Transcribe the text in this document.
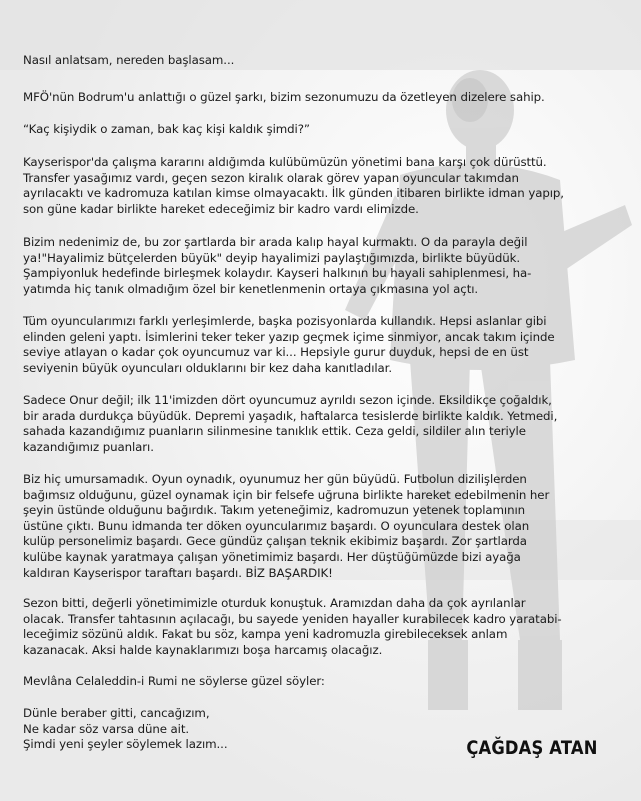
Nasıl anlatsam, nereden başlasam...

MFÖ'nün Bodrum'u anlattığı o güzel şarkı, bizim sezonumuzu da özetleyen dizelere sahip.

“Kaç kişiydik o zaman, bak kaç kişi kaldık şimdi?”

Kayserispor'da çalışma kararını aldığımda kulübümüzün yönetimi bana karşı çok dürüsttü.
Transfer yasağımız vardı, geçen sezon kiralık olarak görev yapan oyuncular takımdan
ayrılacaktı ve kadromuza katılan kimse olmayacaktı. İlk günden itibaren birlikte idman yapıp,
son güne kadar birlikte hareket edeceğimiz bir kadro vardı elimizde.

Bizim nedenimiz de, bu zor şartlarda bir arada kalıp hayal kurmaktı. O da parayla değil
ya!"Hayalimiz bütçelerden büyük" deyip hayalimizi paylaştığımızda, birlikte büyüdük.
Şampiyonluk hedefinde birleşmek kolaydır. Kayseri halkının bu hayali sahiplenmesi, ha-
yatımda hiç tanık olmadığım özel bir kenetlenmenin ortaya çıkmasına yol açtı.

Tüm oyuncularımızı farklı yerleşimlerde, başka pozisyonlarda kullandık. Hepsi aslanlar gibi
elinden geleni yaptı. İsimlerini teker teker yazıp geçmek içime sinmiyor, ancak takım içinde
seviye atlayan o kadar çok oyuncumuz var ki... Hepsiyle gurur duyduk, hepsi de en üst
seviyenin büyük oyuncuları olduklarını bir kez daha kanıtladılar.

Sadece Onur değil; ilk 11'imizden dört oyuncumuz ayrıldı sezon içinde. Eksildikçe çoğaldık,
bir arada durdukça büyüdük. Depremi yaşadık, haftalarca tesislerde birlikte kaldık. Yetmedi,
sahada kazandığımız puanların silinmesine tanıklık ettik. Ceza geldi, sildiler alın teriyle
kazandığımız puanları.

Biz hiç umursamadık. Oyun oynadık, oyunumuz her gün büyüdü. Futbolun dizilişlerden
bağımsız olduğunu, güzel oynamak için bir felsefe uğruna birlikte hareket edebilmenin her
şeyin üstünde olduğunu bağırdık. Takım yeteneğimiz, kadromuzun yetenek toplamının
üstüne çıktı. Bunu idmanda ter döken oyuncularımız başardı. O oyunculara destek olan
kulüp personelimiz başardı. Gece gündüz çalışan teknik ekibimiz başardı. Zor şartlarda
kulübe kaynak yaratmaya çalışan yönetimimiz başardı. Her düştüğümüzde bizi ayağa
kaldıran Kayserispor taraftarı başardı. BİZ BAŞARDIK!

Sezon bitti, değerli yönetimimizle oturduk konuştuk. Aramızdan daha da çok ayrılanlar
olacak. Transfer tahtasının açılacağı, bu sayede yeniden hayaller kurabilecek kadro yaratabi-
leceğimiz sözünü aldık. Fakat bu söz, kampa yeni kadromuzla girebileceksek anlam
kazanacak. Aksi halde kaynaklarımızı boşa harcamış olacağız.

Mevlâna Celaleddin-i Rumi ne söylerse güzel söyler:

Dünle beraber gitti, cancağızım,
Ne kadar söz varsa düne ait.
Şimdi yeni şeyler söylemek lazım...	ÇAĞDAŞ ATAN
